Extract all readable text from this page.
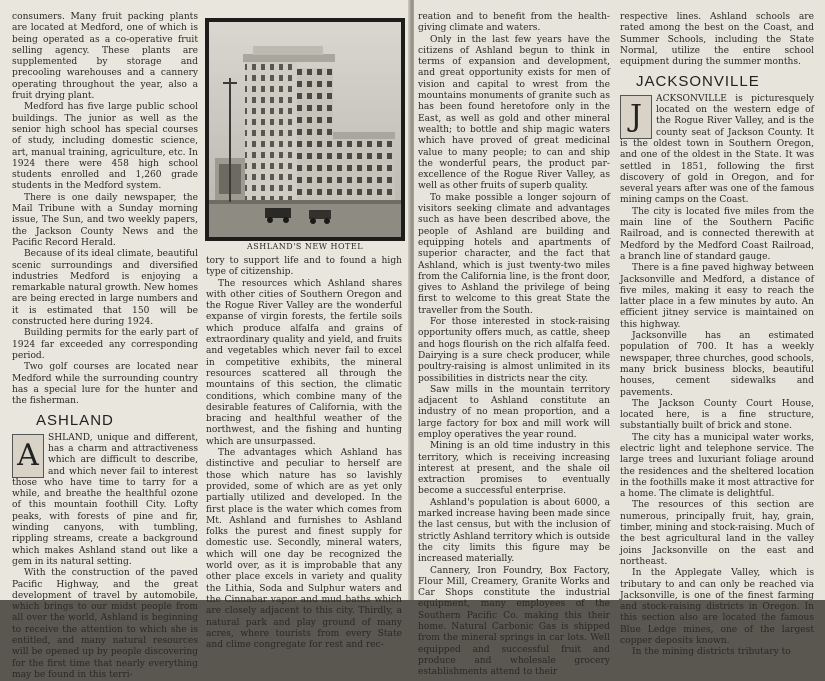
consumers. Many fruit packing plants are located at Medford, one of which is being operated as a co-operative fruit selling agency. These plants are supplemented by storage and precooling warehouses and a cannery operating throughout the year, also a fruit drying plant.

Medford has five large public school buildings. The junior as well as the senior high school has special courses of study, including domestic science, art, manual training, agriculture, etc. In 1924 there were 458 high school students enrolled and 1,260 grade students in the Medford system.

There is one daily newspaper, the Mail Tribune with a Sunday morning issue, The Sun, and two weekly papers, the Jackson County News and the Pacific Record Herald.

Because of its ideal climate, beautiful scenic surroundings and diversified industries Medford is enjoying a remarkable natural growth. New homes are being erected in large numbers and it is estimated that 150 will be constructed here during 1924.

Building permits for the early part of 1924 far exceeded any corresponding period.

Two golf courses are located near Medford while the surrounding country has a special lure for the hunter and the fisherman.

ASHLAND
A

SHLAND, unique and different, has a charm and attractiveness which are difficult to describe, and which never fail to interest those who have time to tarry for a while, and breathe the healthful ozone of this mountain foothill City. Lofty peaks, with forests of pine and fir, winding canyons, with tumbling, rippling streams, create a background which makes Ashland stand out like a gem in its natural setting.

With the construction of the paved Pacific Highway, and the great development of travel by automobile, which brings to our midst people from all over the world, Ashland is beginning to receive the attention to which she is entitled, and many natural resources will be opened up by people discovering for the first time that nearly everything may be found in this terri-

ASHLAND'S NEW HOTEL

tory to support life and to found a high type of citizenship.

The resources which Ashland shares with other cities of Southern Oregon and the Rogue River Valley are the wonderful expanse of virgin forests, the fertile soils which produce alfalfa and grains of extraordinary quality and yield, and fruits and vegetables which never fail to excel in competitive exhibits, the mineral resources scattered all through the mountains of this section, the climatic conditions, which combine many of the desirable features of California, with the bracing and healthful weather of the northwest, and the fishing and hunting which are unsurpassed.

The advantages which Ashland has distinctive and peculiar to herself are those which nature has so lavishly provided, some of which are as yet only partially utilized and developed. In the first place is the water which comes from Mt. Ashland and furnishes to Ashland folks the purest and finest supply for domestic use. Secondly, mineral waters, which will one day be recognized the world over, as it is improbable that any other place excels in variety and quality the Lithia, Soda and Sulphur waters and the Cinnabar vapor and mud baths which are closely adjacent to this city. Thirdly, a natural park and play ground of many acres, where tourists from every State and clime congregate for rest and rec-

reation and to benefit from the health-giving climate and waters.

Only in the last few years have the citizens of Ashland begun to think in terms of expansion and development, and great opportunity exists for men of vision and capital to wrest from the mountains monuments of granite such as has been found heretofore only in the East, as well as gold and other mineral wealth; to bottle and ship magic waters which have proved of great medicinal value to many people; to can and ship the wonderful pears, the product par-excellence of the Rogue River Valley, as well as other fruits of superb quality.

To make possible a longer sojourn of visitors seeking climate and advantages such as have been described above, the people of Ashland are building and equipping hotels and apartments of superior character, and the fact that Ashland, which is just twenty-two miles from the California line, is the front door, gives to Ashland the privilege of being first to welcome to this great State the traveller from the South.

For those interested in stock-raising opportunity offers much, as cattle, sheep and hogs flourish on the rich alfalfa feed. Dairying is a sure check producer, while poultry-raising is almost unlimited in its possibilities in districts near the city.

Saw mills in the mountain territory adjacent to Ashland constitute an industry of no mean proportion, and a large factory for box and mill work will employ operatives the year round.

Mining is an old time industry in this territory, which is receiving increasing interest at present, and the shale oil extraction promises to eventually become a successful enterprise.

Ashland's population is about 6000, a marked increase having been made since the last census, but with the inclusion of strictly Ashland territory which is outside the city limits this figure may be increased materially.

Cannery, Iron Foundry, Box Factory, Flour Mill, Creamery, Granite Works and Car Shops constitute the industrial equipment, many employees of the Southern Pacific Co. making this their home. Natural Carbonic Gas is shipped from the mineral springs in car lots. Well equipped and successful fruit and produce and wholesale grocery establishments attend to their

respective lines. Ashland schools are rated among the best on the Coast, and Summer Schools, including the State Normal, utilize the entire school equipment during the summer months.

JACKSONVILLE
J

ACKSONVILLE is picturesquely located on the western edge of the Rogue River Valley, and is the county seat of Jackson County. It is the oldest town in Southern Oregon, and one of the oldest in the State. It was settled in 1851, following the first discovery of gold in Oregon, and for several years after was one of the famous mining camps on the Coast.

The city is located five miles from the main line of the Southern Pacific Railroad, and is connected therewith at Medford by the Medford Coast Railroad, a branch line of standard gauge.

There is a fine paved highway between Jacksonville and Medford, a distance of five miles, making it easy to reach the latter place in a few minutes by auto. An efficient jitney service is maintained on this highway.

Jacksonville has an estimated population of 700. It has a weekly newspaper, three churches, good schools, many brick business blocks, beautiful houses, cement sidewalks and pavements.

The Jackson County Court House, located here, is a fine structure, substantially built of brick and stone.

The city has a municipal water works, electric light and telephone service. The large trees and luxuriant foliage around the residences and the sheltered location in the foothills make it most attractive for a home. The climate is delightful.

The resources of this section are numerous, principally fruit, hay, grain, timber, mining and stock-raising. Much of the best agricultural land in the valley joins Jacksonville on the east and northeast.

In the Applegate Valley, which is tributary to and can only be reached via Jacksonville, is one of the finest farming and stock-raising districts in Oregon. In this section also are located the famous Blue Ledge mines, one of the largest copper deposits known.

In the mining districts tributary to
